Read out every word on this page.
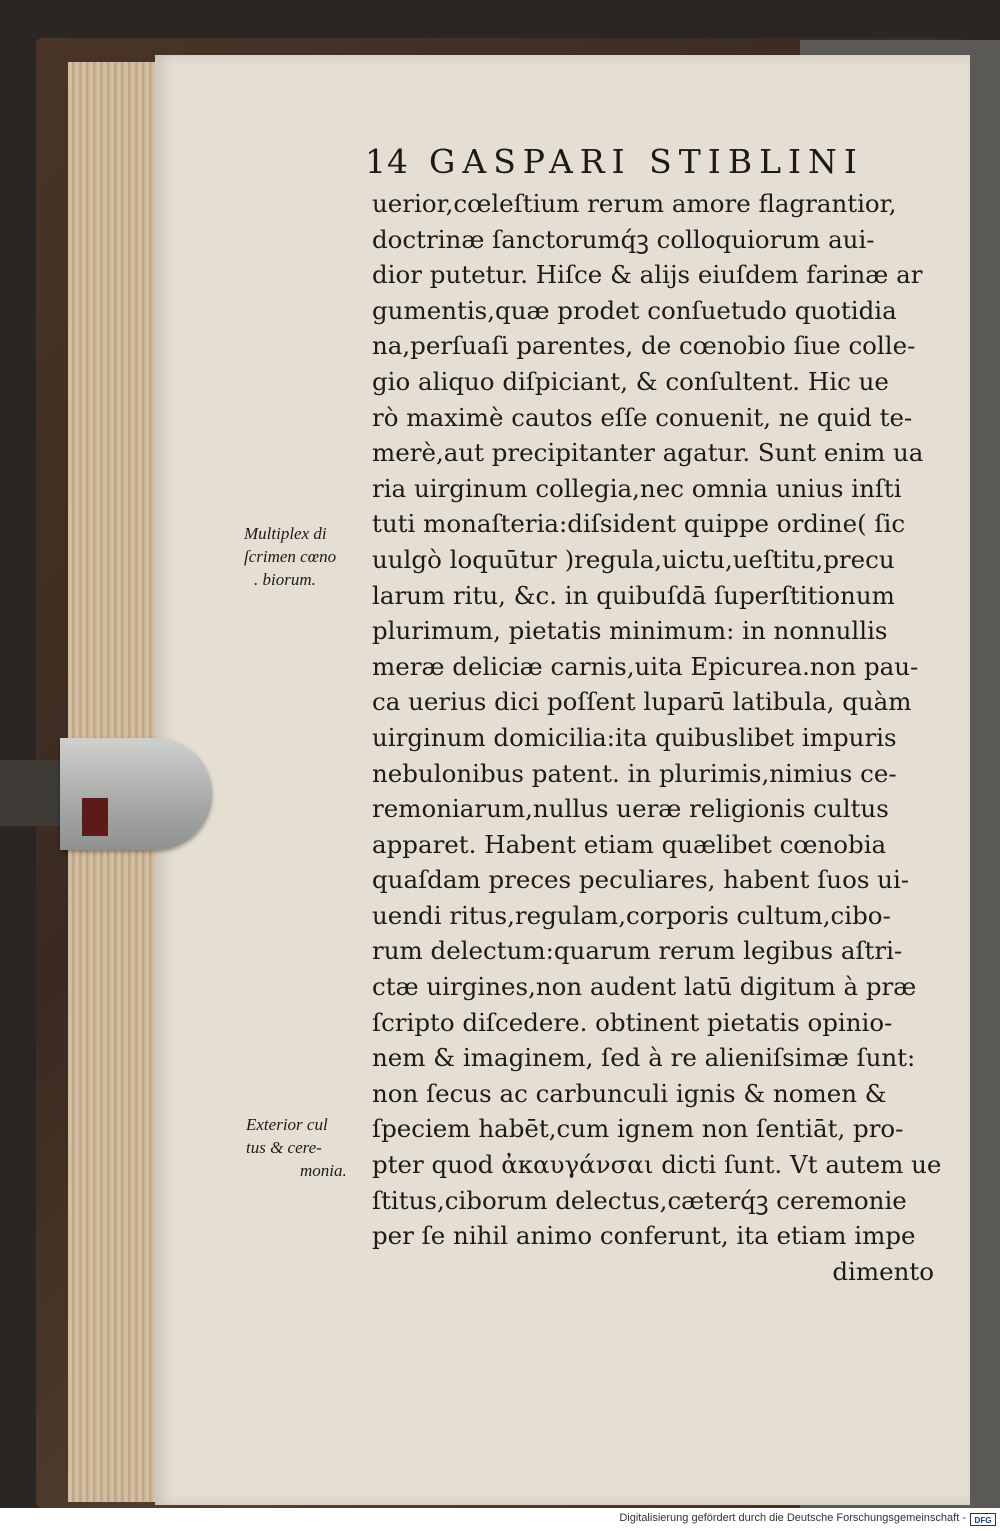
14 GASPARI STIBLINI
uerior,cœleſtium rerum amore flagrantior,
doctrinæ ſanctorumq́ꝫ colloquiorum aui-
dior putetur. Hiſce & alijs eiuſdem farinæ ar
gumentis,quæ prodet conſuetudo quotidia
na,perſuaſi parentes, de cœnobio ſiue colle-
gio aliquo diſpiciant, & conſultent. Hic ue
rò maximè cautos eſſe conuenit, ne quid te-
merè,aut precipitanter agatur. Sunt enim ua
ria uirginum collegia,nec omnia unius inſti
tuti monaſteria:diſsident quippe ordine( ſic
uulgò loquūtur )regula,uictu,ueſtitu,precu
larum ritu, &c. in quibuſdā ſuperſtitionum
plurimum, pietatis minimum: in nonnullis
meræ deliciæ carnis,uita Epicurea.non pau-
ca uerius dici poſſent luparū latibula, quàm
uirginum domicilia:ita quibuslibet impuris
nebulonibus patent. in plurimis,nimius ce-
remoniarum,nullus ueræ religionis cultus
apparet. Habent etiam quælibet cœnobia
quaſdam preces peculiares, habent ſuos ui-
uendi ritus,regulam,corporis cultum,cibo-
rum delectum:quarum rerum legibus aſtri-
ctæ uirgines,non audent latū digitum à præ
ſcripto diſcedere. obtinent pietatis opinio-
nem & imaginem, ſed à re alieniſsimæ ſunt:
non ſecus ac carbunculi ignis & nomen &
ſpeciem habēt,cum ignem non ſentiāt, pro-
pter quod ἀκαυγάνσαι dicti ſunt. Vt autem ue
ſtitus,ciborum delectus,cæterq́ꝫ ceremonie
per ſe nihil animo conferunt, ita etiam impe
dimento
Multiplex di
ſcrimen cœno
. biorum.
Exterior cul
tus & cere-
monia.
Digitalisierung gefördert durch die Deutsche Forschungsgemeinschaft -	DFG
